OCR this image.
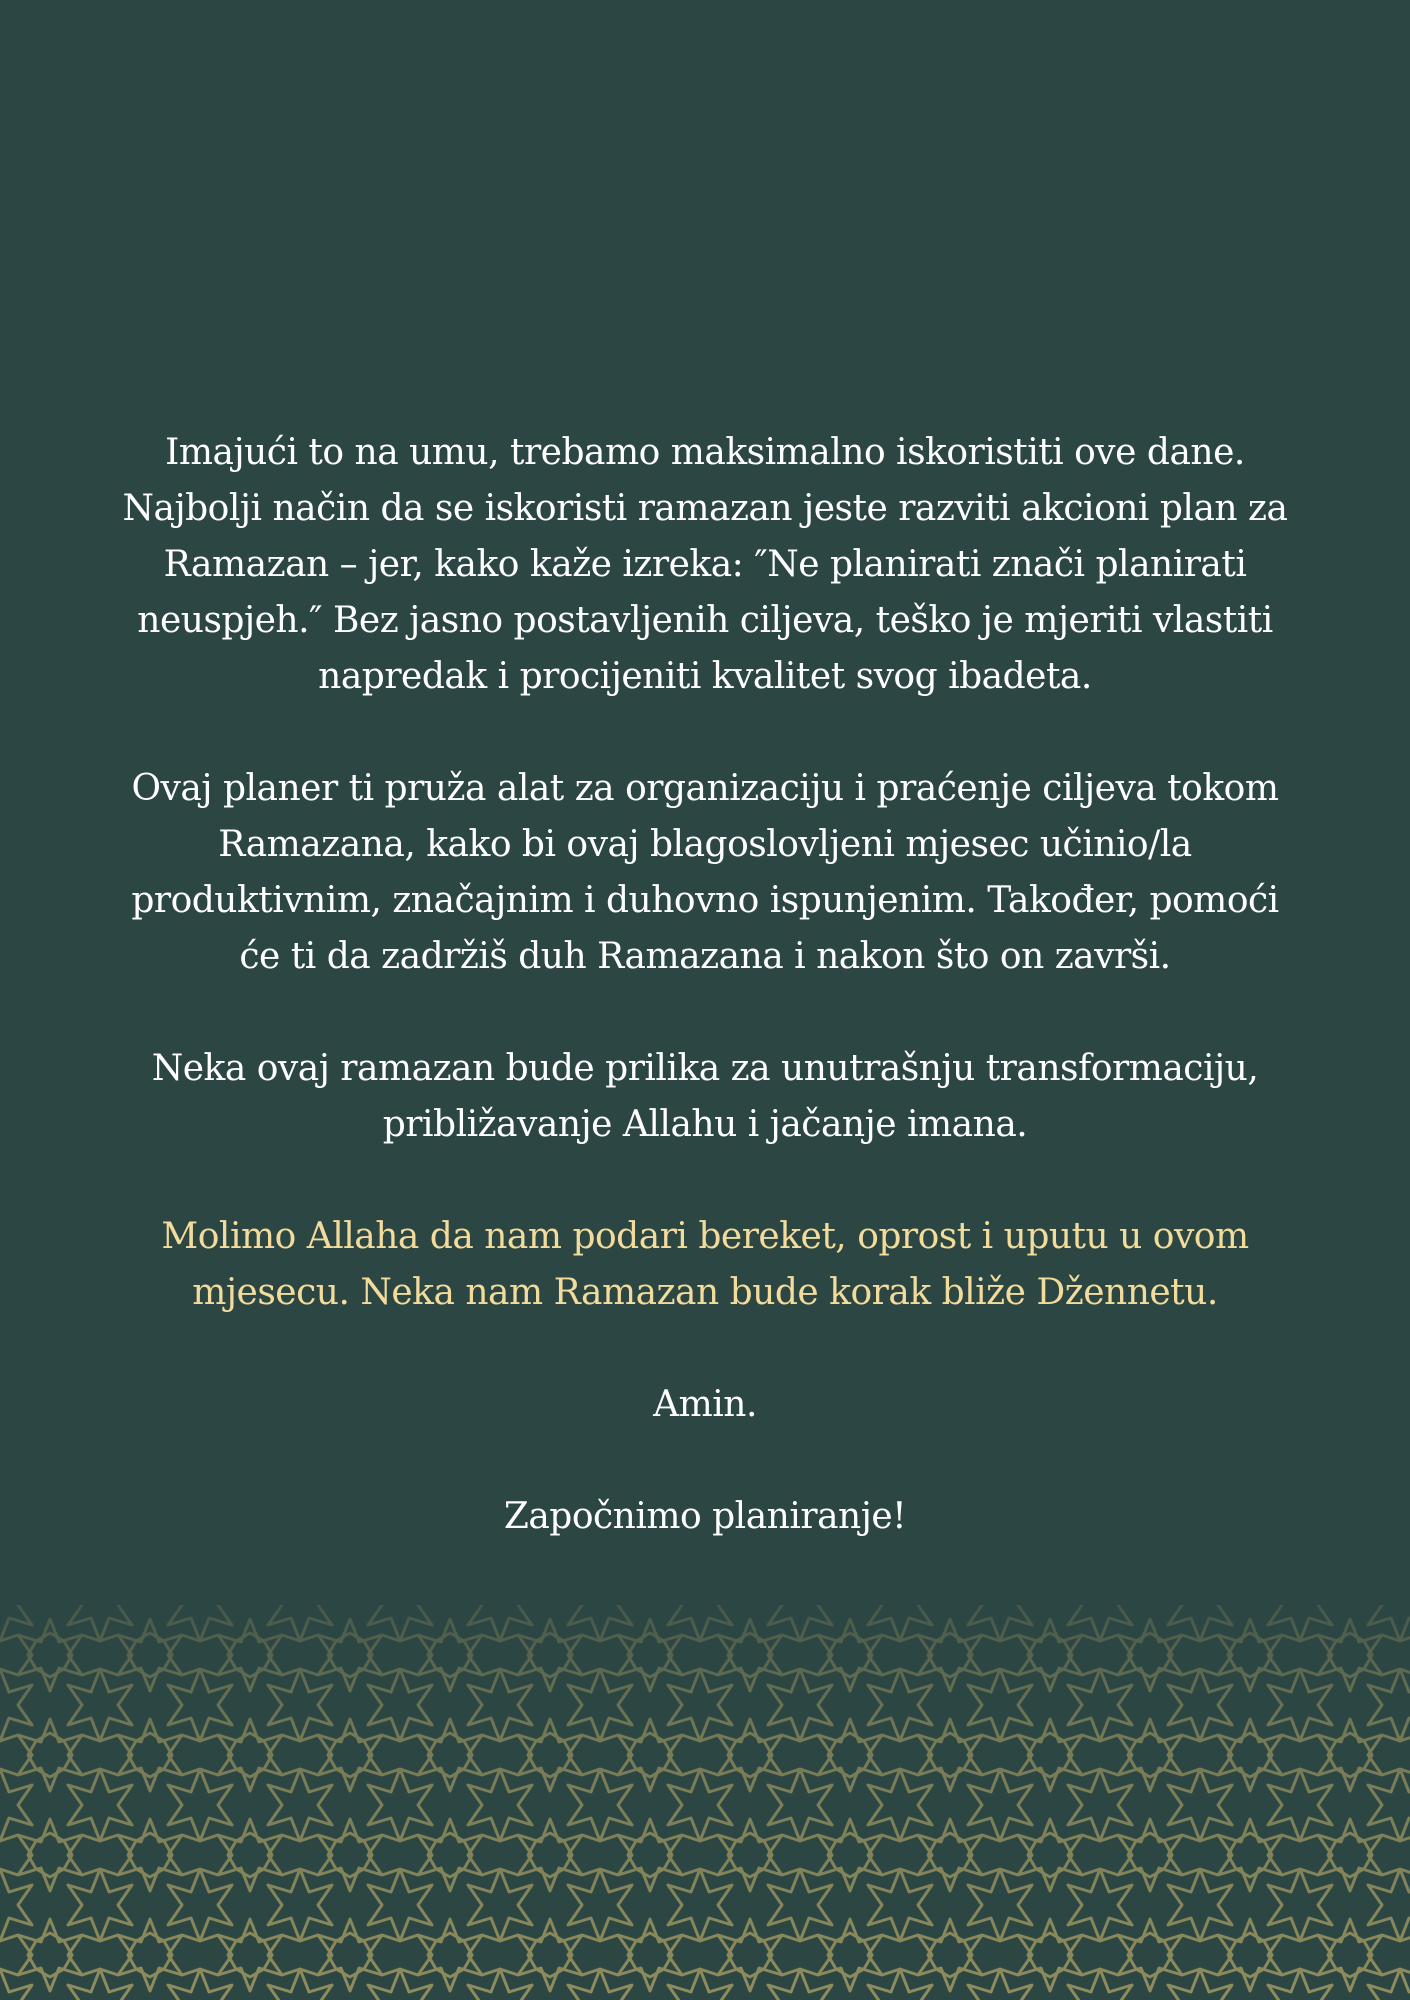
Imajući to na umu, trebamo maksimalno iskoristiti ove dane.
Najbolji način da se iskoristi ramazan jeste razviti akcioni plan za
Ramazan – jer, kako kaže izreka: ″Ne planirati znači planirati
neuspjeh.″ Bez jasno postavljenih ciljeva, teško je mjeriti vlastiti
napredak i procijeniti kvalitet svog ibadeta.

Ovaj planer ti pruža alat za organizaciju i praćenje ciljeva tokom
Ramazana, kako bi ovaj blagoslovljeni mjesec učinio/la
produktivnim, značajnim i duhovno ispunjenim. Također, pomoći
će ti da zadržiš duh Ramazana i nakon što on završi.

Neka ovaj ramazan bude prilika za unutrašnju transformaciju,
približavanje Allahu i jačanje imana.

Molimo Allaha da nam podari bereket, oprost i uputu u ovom
mjesecu. Neka nam Ramazan bude korak bliže Džennetu.

Amin.

Započnimo planiranje!
